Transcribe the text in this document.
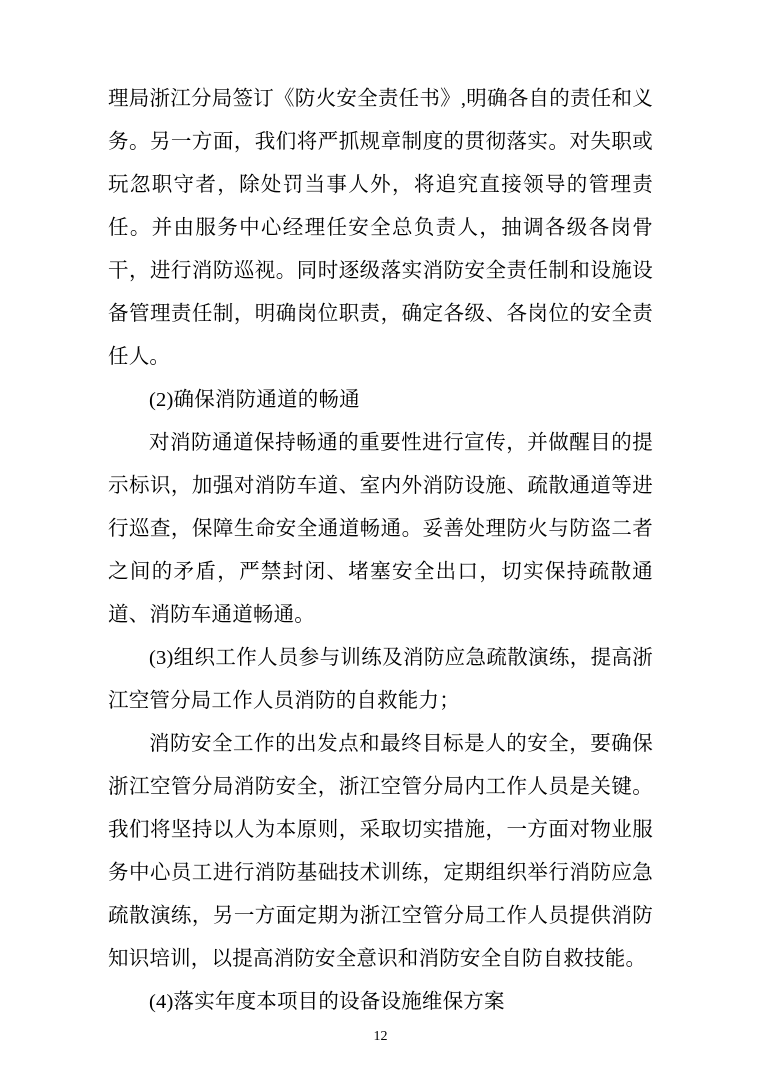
理局浙江分局签订《防火安全责任书》,明确各自的责任和义务。另一方面，我们将严抓规章制度的贯彻落实。对失职或玩忽职守者，除处罚当事人外，将追究直接领导的管理责任。并由服务中心经理任安全总负责人，抽调各级各岗骨干，进行消防巡视。同时逐级落实消防安全责任制和设施设备管理责任制，明确岗位职责，确定各级、各岗位的安全责任人。

(2)确保消防通道的畅通

对消防通道保持畅通的重要性进行宣传，并做醒目的提示标识，加强对消防车道、室内外消防设施、疏散通道等进行巡查，保障生命安全通道畅通。妥善处理防火与防盗二者之间的矛盾，严禁封闭、堵塞安全出口，切实保持疏散通道、消防车通道畅通。

(3)组织工作人员参与训练及消防应急疏散演练，提高浙江空管分局工作人员消防的自救能力；

消防安全工作的出发点和最终目标是人的安全，要确保浙江空管分局消防安全，浙江空管分局内工作人员是关键。我们将坚持以人为本原则，采取切实措施，一方面对物业服务中心员工进行消防基础技术训练，定期组织举行消防应急疏散演练，另一方面定期为浙江空管分局工作人员提供消防知识培训，以提高消防安全意识和消防安全自防自救技能。

(4)落实年度本项目的设备设施维保方案

12
